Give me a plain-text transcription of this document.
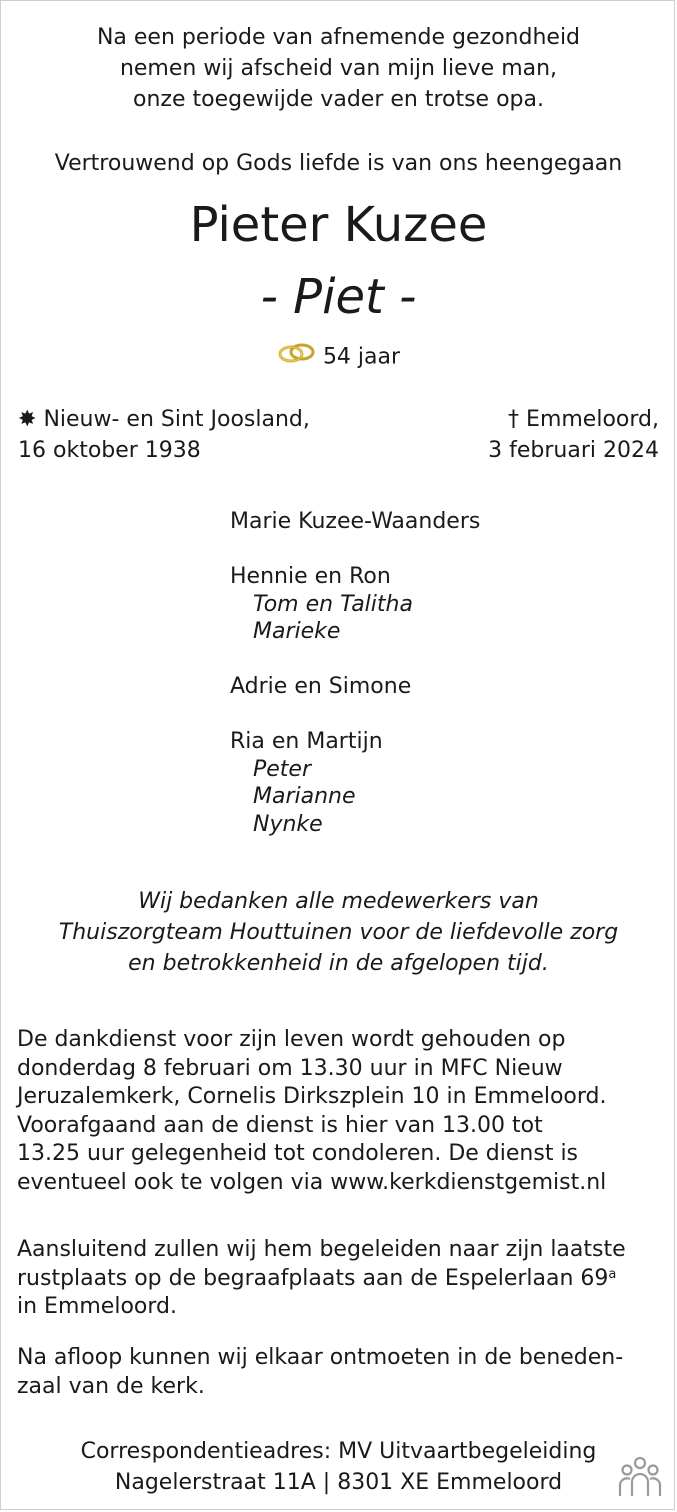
Na een periode van afnemende gezondheid
nemen wij afscheid van mijn lieve man,
onze toegewijde vader en trotse opa.
Vertrouwend op Gods liefde is van ons heengegaan
Pieter Kuzee
- Piet -
54 jaar
✸ Nieuw- en Sint Joosland,
16 oktober 1938
† Emmeloord,
3 februari 2024
Marie Kuzee-Waanders
Hennie en Ron
Tom en Talitha
Marieke
Adrie en Simone
Ria en Martijn
Peter
Marianne
Nynke
Wij bedanken alle medewerkers van
Thuiszorgteam Houttuinen voor de liefdevolle zorg
en betrokkenheid in de afgelopen tijd.
De dankdienst voor zijn leven wordt gehouden op
donderdag 8 februari om 13.30 uur in MFC Nieuw
Jeruzalemkerk, Cornelis Dirkszplein 10 in Emmeloord.
Voorafgaand aan de dienst is hier van 13.00 tot
13.25 uur gelegenheid tot condoleren. De dienst is
eventueel ook te volgen via www.kerkdienstgemist.nl
Aansluitend zullen wij hem begeleiden naar zijn laatste
rustplaats op de begraafplaats aan de Espelerlaan 69$^a$
in Emmeloord.
Na afloop kunnen wij elkaar ontmoeten in de beneden-
zaal van de kerk.
Correspondentieadres: MV Uitvaartbegeleiding
Nagelerstraat 11A | 8301 XE Emmeloord
